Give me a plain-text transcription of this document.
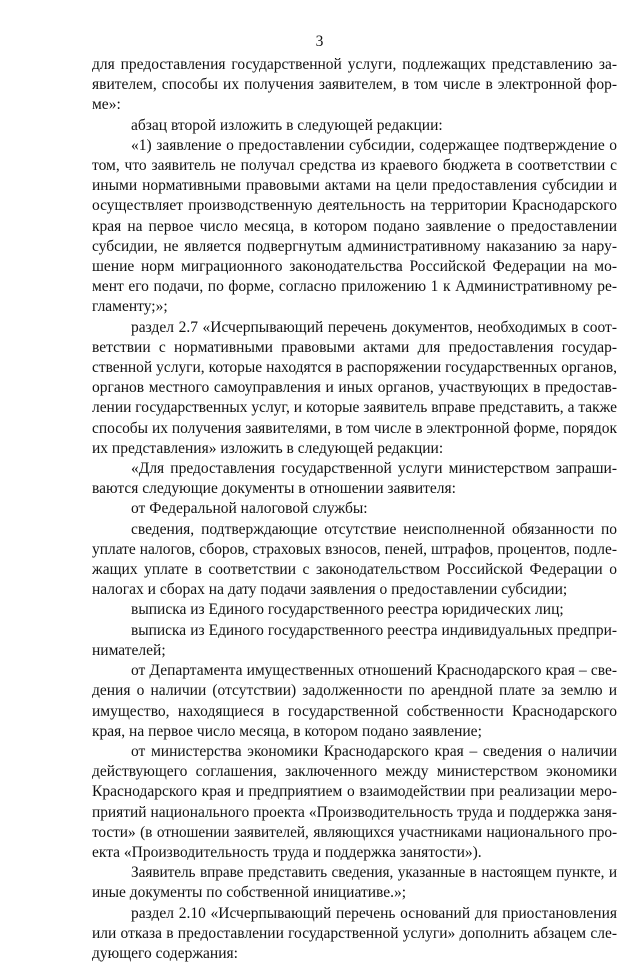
3
для предоставления государственной услуги, подлежащих представлению за-
явителем, способы их получения заявителем, в том числе в электронной фор-
ме»:
абзац второй изложить в следующей редакции:
«1) заявление о предоставлении субсидии, содержащее подтверждение о
том, что заявитель не получал средства из краевого бюджета в соответствии с
иными нормативными правовыми актами на цели предоставления субсидии и
осуществляет производственную деятельность на территории Краснодарского
края на первое число месяца, в котором подано заявление о предоставлении
субсидии, не является подвергнутым административному наказанию за нару-
шение норм миграционного законодательства Российской Федерации на мо-
мент его подачи, по форме, согласно приложению 1 к Административному ре-
гламенту;»;
раздел 2.7 «Исчерпывающий перечень документов, необходимых в соот-
ветствии с нормативными правовыми актами для предоставления государ-
ственной услуги, которые находятся в распоряжении государственных органов,
органов местного самоуправления и иных органов, участвующих в предостав-
лении государственных услуг, и которые заявитель вправе представить, а также
способы их получения заявителями, в том числе в электронной форме, порядок
их представления» изложить в следующей редакции:
«Для предоставления государственной услуги министерством запраши-
ваются следующие документы в отношении заявителя:
от Федеральной налоговой службы:
сведения, подтверждающие отсутствие неисполненной обязанности по
уплате налогов, сборов, страховых взносов, пеней, штрафов, процентов, подле-
жащих уплате в соответствии с законодательством Российской Федерации о
налогах и сборах на дату подачи заявления о предоставлении субсидии;
выписка из Единого государственного реестра юридических лиц;
выписка из Единого государственного реестра индивидуальных предпри-
нимателей;
от Департамента имущественных отношений Краснодарского края – све-
дения о наличии (отсутствии) задолженности по арендной плате за землю и
имущество, находящиеся в государственной собственности Краснодарского
края, на первое число месяца, в котором подано заявление;
от министерства экономики Краснодарского края – сведения о наличии
действующего соглашения, заключенного между министерством экономики
Краснодарского края и предприятием о взаимодействии при реализации меро-
приятий национального проекта «Производительность труда и поддержка заня-
тости» (в отношении заявителей, являющихся участниками национального про-
екта «Производительность труда и поддержка занятости»).
Заявитель вправе представить сведения, указанные в настоящем пункте, и
иные документы по собственной инициативе.»;
раздел 2.10 «Исчерпывающий перечень оснований для приостановления
или отказа в предоставлении государственной услуги» дополнить абзацем сле-
дующего содержания:
